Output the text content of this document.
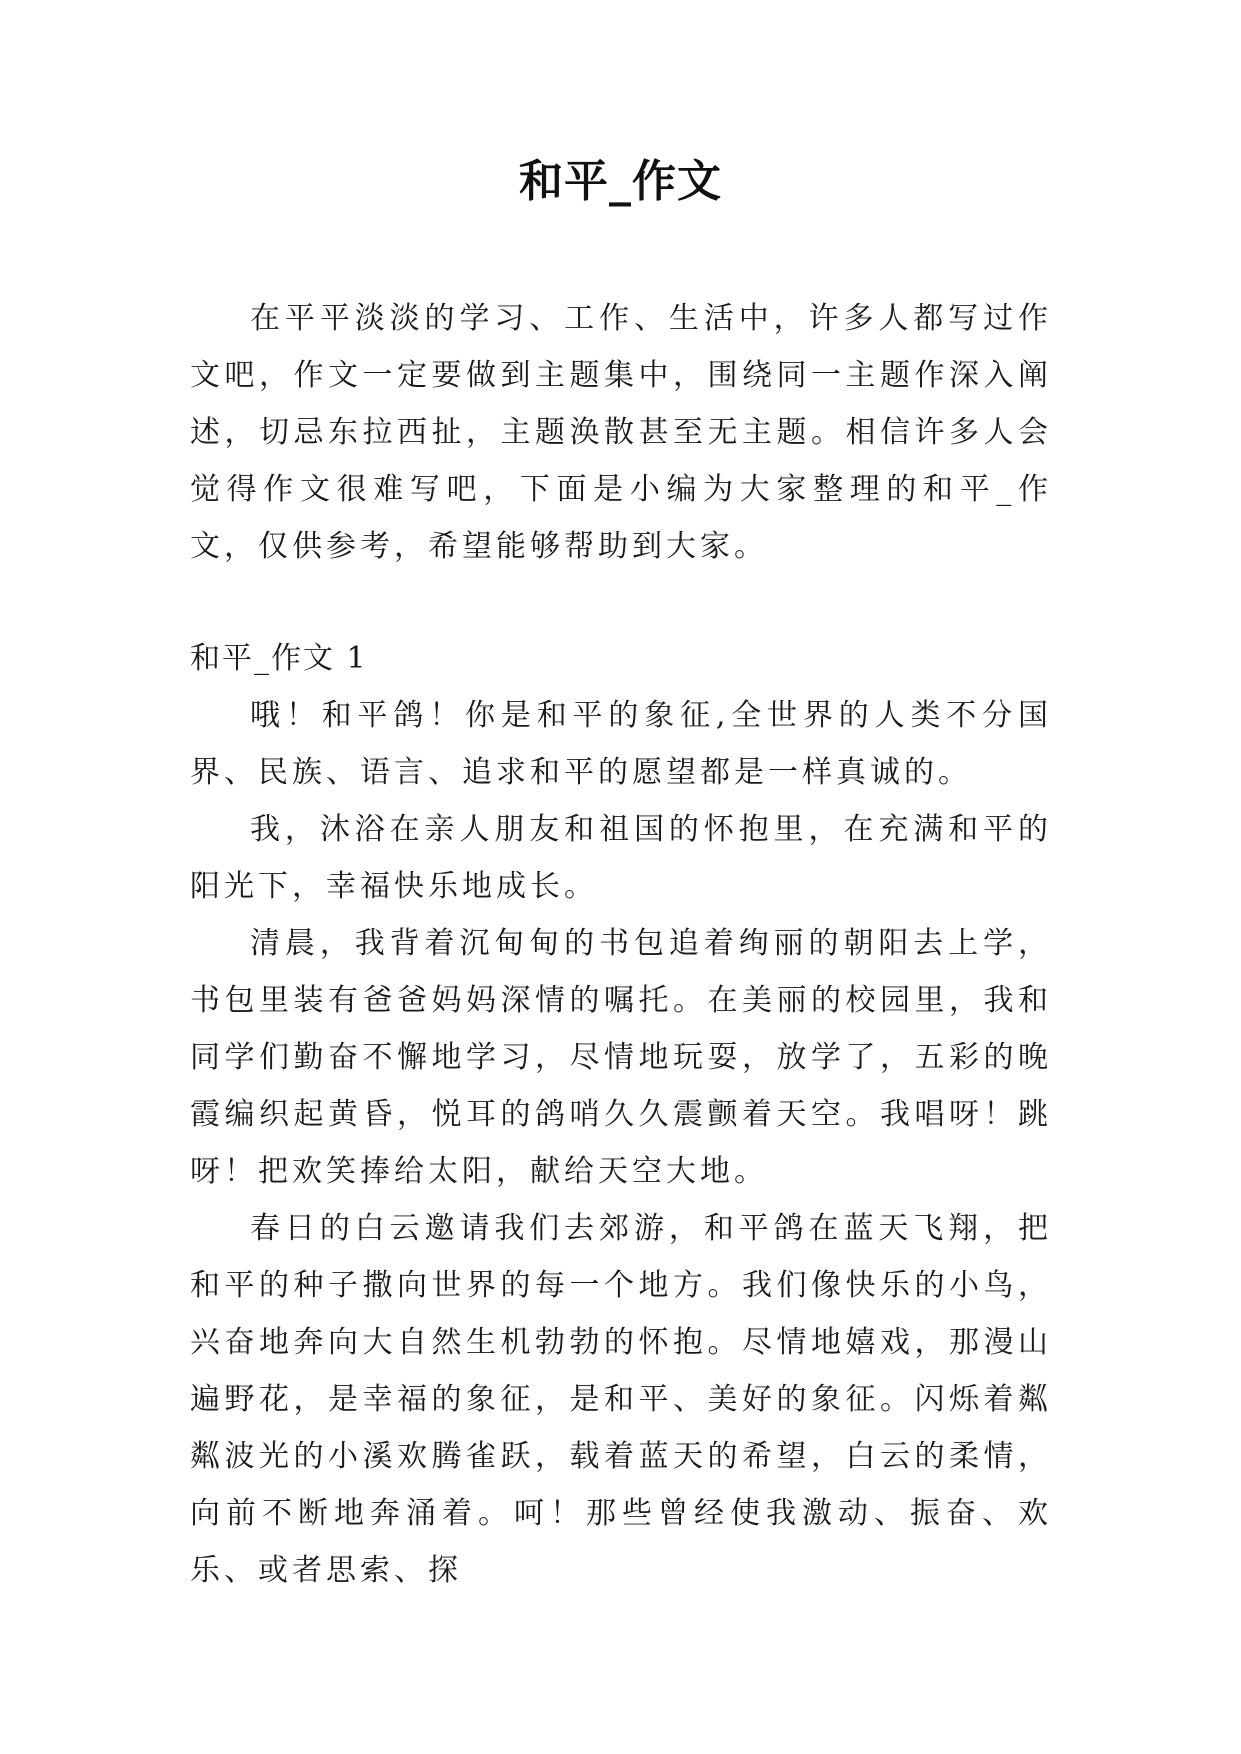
和平_作文

在平平淡淡的学习、工作、生活中，许多人都写过作文吧，作文一定要做到主题集中，围绕同一主题作深入阐述，切忌东拉西扯，主题涣散甚至无主题。相信许多人会觉得作文很难写吧，下面是小编为大家整理的和平_作文，仅供参考，希望能够帮助到大家。

和平_作文 1

哦！和平鸽！你是和平的象征,全世界的人类不分国界、民族、语言、追求和平的愿望都是一样真诚的。

我，沐浴在亲人朋友和祖国的怀抱里，在充满和平的阳光下，幸福快乐地成长。

清晨，我背着沉甸甸的书包追着绚丽的朝阳去上学，书包里装有爸爸妈妈深情的嘱托。在美丽的校园里，我和同学们勤奋不懈地学习，尽情地玩耍，放学了，五彩的晚霞编织起黄昏，悦耳的鸽哨久久震颤着天空。我唱呀！跳呀！把欢笑捧给太阳，献给天空大地。

春日的白云邀请我们去郊游，和平鸽在蓝天飞翔，把和平的种子撒向世界的每一个地方。我们像快乐的小鸟，兴奋地奔向大自然生机勃勃的怀抱。尽情地嬉戏，那漫山遍野花，是幸福的象征，是和平、美好的象征。闪烁着粼粼波光的小溪欢腾雀跃，载着蓝天的希望，白云的柔情，向前不断地奔涌着。呵！那些曾经使我激动、振奋、欢乐、或者思索、探
